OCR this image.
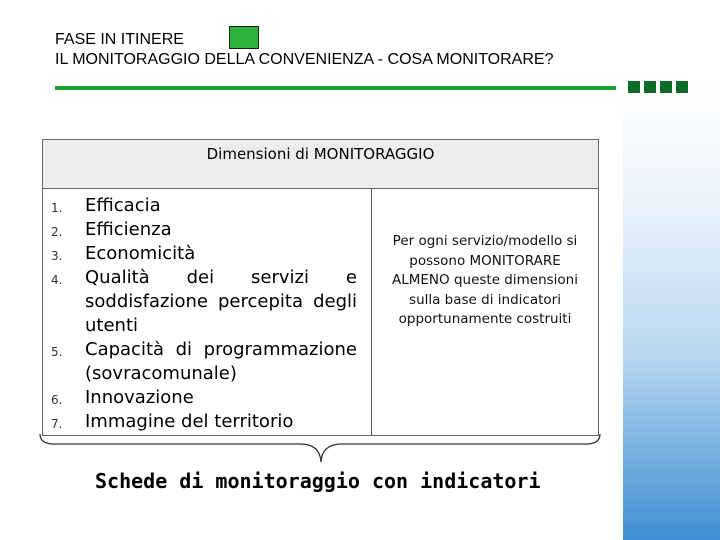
FASE IN ITINERE
IL MONITORAGGIO DELLA CONVENIENZA - COSA MONITORARE?
Dimensioni di MONITORAGGIO
1. Efficacia
2. Efficienza
3. Economicità
4. Qualità dei servizi e soddisfazione percepita degli utenti
5. Capacità di programmazione (sovracomunale)
6. Innovazione
7. Immagine del territorio
Per ogni servizio/modello si possono MONITORARE ALMENO queste dimensioni sulla base di indicatori opportunamente costruiti
Schede di monitoraggio con indicatori
